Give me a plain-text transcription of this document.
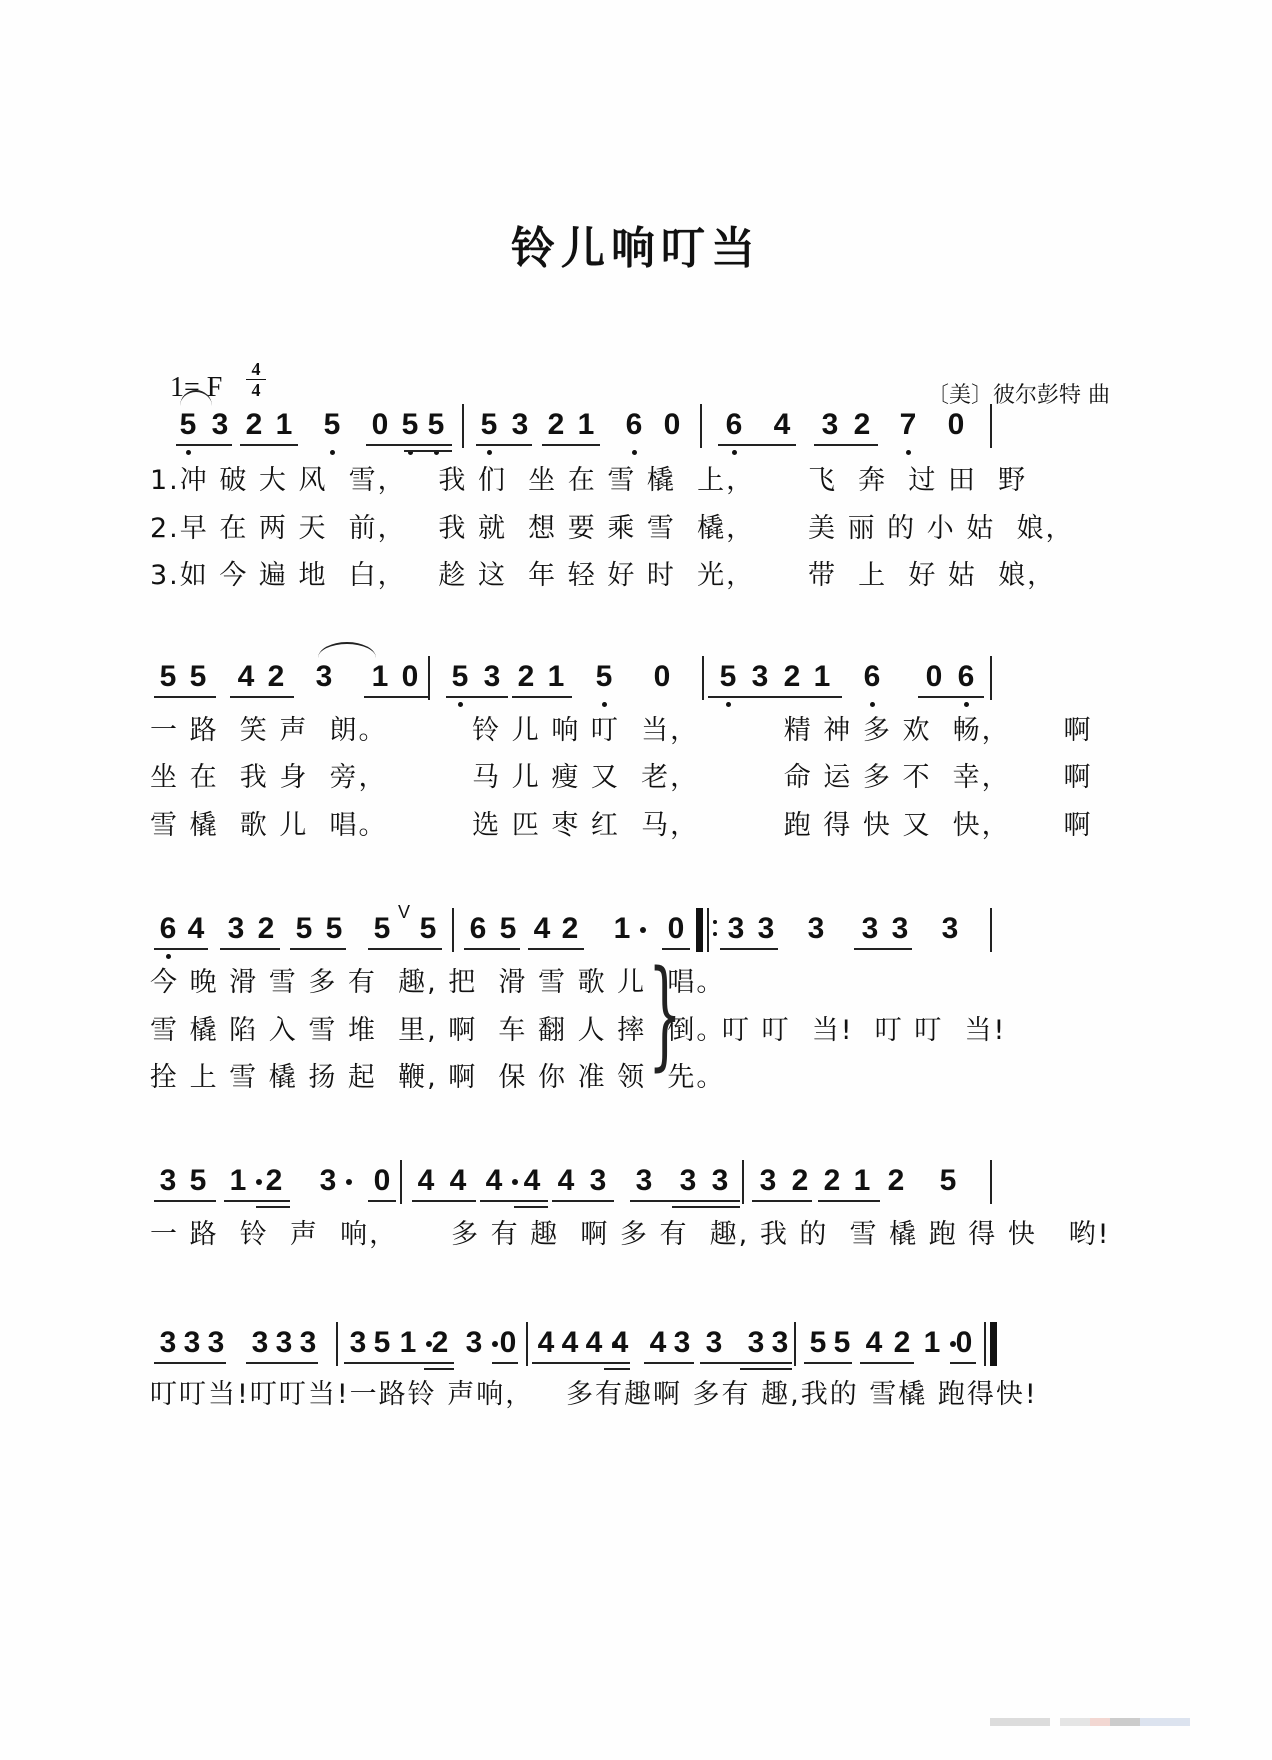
铃儿响叮当
1= F
4
4	〔美〕彼尔彭特 曲
5 3 2 1 5 0 5 5 5 3 2 1 6 0 6 4 3 2 7 0
1.冲 破 大 风  雪，   我 们  坐 在 雪 橇  上，     飞  奔  过 田  野
2.早 在 两 天  前，   我 就  想 要 乘 雪  橇，     美 丽 的 小 姑  娘，
3.如 今 遍 地  白，   趁 这  年 轻 好 时  光，     带  上  好 姑  娘，
5 5 4 2 3 1 0 5 3 2 1 5 0 5 3 2 1 6 0 6
一 路  笑 声  朗。        铃 儿 响 叮  当，        精 神 多 欢  畅，     啊
坐 在  我 身  旁，        马 儿 瘦 又  老，        命 运 多 不  幸，     啊
雪 橇  歌 儿  唱。        选 匹 枣 红  马，        跑 得 快 又  快，     啊
6 4 3 2 5 5 5 5 6 5 4 2 1 0 3 3 3 3 3 3
V
今 晚 滑 雪 多 有  趣, 把  滑 雪 歌 儿  唱。
雪 橇 陷 入 雪 堆  里, 啊  车 翻 人 摔  倒。
拴 上 雪 橇 扬 起  鞭, 啊  保 你 准 领  先。
} 叮 叮  当!  叮 叮  当!
3 5 1 2 3 0 4 4 4 4 4 3 3 3 3 3 2 2 1 2 5
一 路  铃  声  响，     多 有 趣  啊 多 有  趣, 我 的  雪 橇 跑 得 快   哟!
3 3 3 3 3 3 3 5 1 2 3 0 4 4 4 4 4 3 3 3 3 5 5 4 2 1 0
叮叮当!叮叮当!一路铃 声响，   多有趣啊 多有 趣,我的 雪橇 跑得快!
